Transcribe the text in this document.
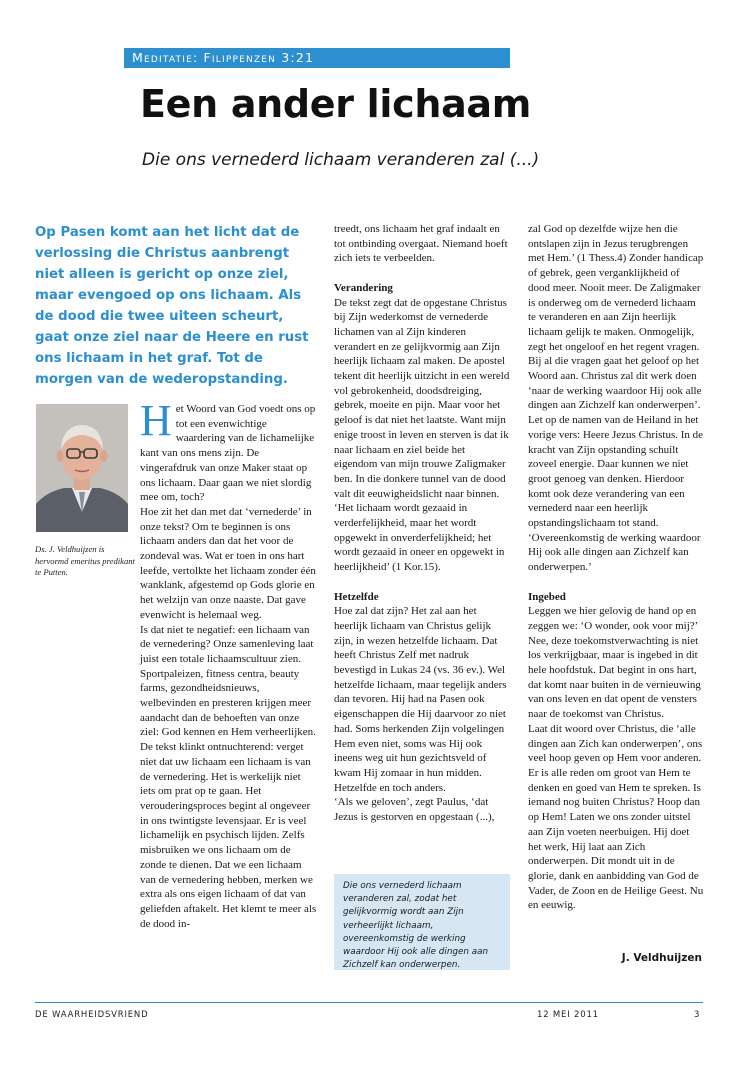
Meditatie: Filippenzen 3:21
Een ander lichaam
Die ons vernederd lichaam veranderen zal (...)
Op Pasen komt aan het licht dat de verlossing die Christus aanbrengt niet alleen is gericht op onze ziel, maar evengoed op ons lichaam. Als de dood die twee uiteen scheurt, gaat onze ziel naar de Heere en rust ons lichaam in het graf. Tot de morgen van de wederopstanding.
Ds. J. Veldhuijzen is hervormd emeritus predikant te Putten.

Het Woord van God voedt ons op tot een evenwichtige waardering van de lichamelijke kant van ons mens zijn. De vingerafdruk van onze Maker staat op ons lichaam. Daar gaan we niet slordig mee om, toch?

Hoe zit het dan met dat ‘vernederde’ in onze tekst? Om te beginnen is ons lichaam anders dan dat het voor de zondeval was. Wat er toen in ons hart leefde, vertolkte het lichaam zonder één wanklank, afgestemd op Gods glorie en het welzijn van onze naaste. Dat gave evenwicht is helemaal weg.

Is dat niet te negatief: een lichaam van de vernedering? Onze samenleving laat juist een totale lichaamscultuur zien. Sportpaleizen, fitness centra, beauty farms, gezondheidsnieuws, welbevinden en presteren krijgen meer aandacht dan de behoeften van onze ziel: God kennen en Hem verheerlijken.

De tekst klinkt ontnuchterend: verget niet dat uw lichaam een lichaam is van de vernedering. Het is werkelijk niet iets om prat op te gaan. Het verouderingsproces begint al ongeveer in ons twintigste levensjaar. Er is veel lichamelijk en psychisch lijden. Zelfs misbruiken we ons lichaam om de zonde te dienen. Dat we een lichaam van de vernedering hebben, merken we extra als ons eigen lichaam of dat van geliefden aftakelt. Het klemt te meer als de dood in-

treedt, ons lichaam het graf indaalt en tot ontbinding overgaat. Niemand hoeft zich iets te verbeelden.

Verandering

De tekst zegt dat de opgestane Christus bij Zijn wederkomst de vernederde lichamen van al Zijn kinderen verandert en ze gelijkvormig aan Zijn heerlijk lichaam zal maken. De apostel tekent dit heerlijk uitzicht in een wereld vol gebrokenheid, doodsdreiging, gebrek, moeite en pijn. Maar voor het geloof is dat niet het laatste. Want mijn enige troost in leven en sterven is dat ik naar lichaam en ziel beide het eigendom van mijn trouwe Zaligmaker ben. In die donkere tunnel van de dood valt dit eeuwigheidslicht naar binnen. ‘Het lichaam wordt gezaaid in verderfelijkheid, maar het wordt opgewekt in onverderfelijkheid; het wordt gezaaid in oneer en opgewekt in heerlijkheid’ (1 Kor.15).

Hetzelfde

Hoe zal dat zijn? Het zal aan het heerlijk lichaam van Christus gelijk zijn, in wezen hetzelfde lichaam. Dat heeft Christus Zelf met nadruk bevestigd in Lukas 24 (vs. 36 ev.). Wel hetzelfde lichaam, maar tegelijk anders dan tevoren. Hij had na Pasen ook eigenschappen die Hij daarvoor zo niet had. Soms herkenden Zijn volgelingen Hem even niet, soms was Hij ook ineens weg uit hun gezichtsveld of kwam Hij zomaar in hun midden. Hetzelfde en toch anders.

‘Als we geloven’, zegt Paulus, ‘dat Jezus is gestorven en opgestaan (...),

Die ons vernederd lichaam veranderen zal, zodat het gelijkvormig wordt aan Zijn verheerlijkt lichaam, overeenkomstig de werking waardoor Hij ook alle dingen aan Zichzelf kan onderwerpen.

zal God op dezelfde wijze hen die ontslapen zijn in Jezus terugbrengen met Hem.’ (1 Thess.4) Zonder handicap of gebrek, geen verganklijkheid of dood meer. Nooit meer. De Zaligmaker is onderweg om de vernederd lichaam te veranderen en aan Zijn heerlijk lichaam gelijk te maken. Onmogelijk, zegt het ongeloof en het regent vragen. Bij al die vragen gaat het geloof op het Woord aan. Christus zal dit werk doen ‘naar de werking waardoor Hij ook alle dingen aan Zichzelf kan onderwerpen’. Let op de namen van de Heiland in het vorige vers: Heere Jezus Christus. In de kracht van Zijn opstanding schuilt zoveel energie. Daar kunnen we niet groot genoeg van denken. Hierdoor komt ook deze verandering van een vernederd naar een heerlijk opstandingslichaam tot stand. ‘Overeenkomstig de werking waardoor Hij ook alle dingen aan Zichzelf kan onderwerpen.’

Ingebed

Leggen we hier gelovig de hand op en zeggen we: ‘O wonder, ook voor mij?’ Nee, deze toekomstverwachting is niet los verkrijgbaar, maar is ingebed in dit hele hoofdstuk. Dat begint in ons hart, dat komt naar buiten in de vernieuwing van ons leven en dat opent de vensters naar de toekomst van Christus.

Laat dit woord over Christus, die ‘alle dingen aan Zich kan onderwerpen’, ons veel hoop geven op Hem voor anderen. Er is alle reden om groot van Hem te denken en goed van Hem te spreken. Is iemand nog buiten Christus? Hoop dan op Hem! Laten we ons zonder uitstel aan Zijn voeten neerbuigen. Hij doet het werk, Hij laat aan Zich onderwerpen. Dit mondt uit in de glorie, dank en aanbidding van God de Vader, de Zoon en de Heilige Geest. Nu en eeuwig.

J. Veldhuijzen
DE WAARHEIDSVRIEND	12 MEI 2011	3
